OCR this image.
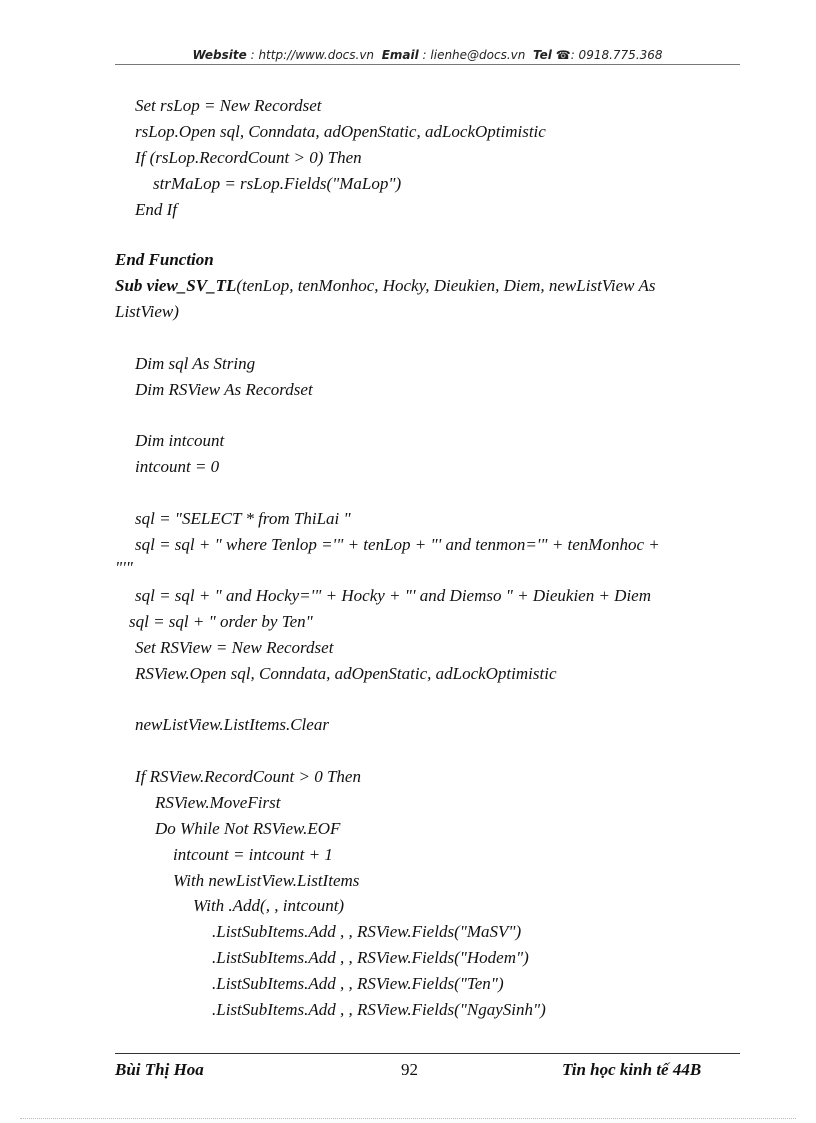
Website : http://www.docs.vn Email : lienhe@docs.vn Tel ☎: 0918.775.368
Set rsLop = New Recordset
rsLop.Open sql, Conndata, adOpenStatic, adLockOptimistic
If (rsLop.RecordCount > 0) Then
strMaLop = rsLop.Fields("MaLop")
End If
End Function
Sub view_SV_TL(tenLop, tenMonhoc, Hocky, Dieukien, Diem, newListView As
ListView)
Dim sql As String
Dim RSView As Recordset
Dim intcount
intcount = 0
sql = "SELECT * from ThiLai "
sql = sql + " where Tenlop ='" + tenLop + "' and tenmon='" + tenMonhoc +
"'"
sql = sql + " and Hocky='" + Hocky + "' and Diemso " + Dieukien + Diem
sql = sql + " order by Ten"
Set RSView = New Recordset
RSView.Open sql, Conndata, adOpenStatic, adLockOptimistic
newListView.ListItems.Clear
If RSView.RecordCount > 0 Then
RSView.MoveFirst
Do While Not RSView.EOF
intcount = intcount + 1
With newListView.ListItems
With .Add(, , intcount)
.ListSubItems.Add , , RSView.Fields("MaSV")
.ListSubItems.Add , , RSView.Fields("Hodem")
.ListSubItems.Add , , RSView.Fields("Ten")
.ListSubItems.Add , , RSView.Fields("NgaySinh")
Bùi Thị Hoa	92	Tin học kinh tế 44B
